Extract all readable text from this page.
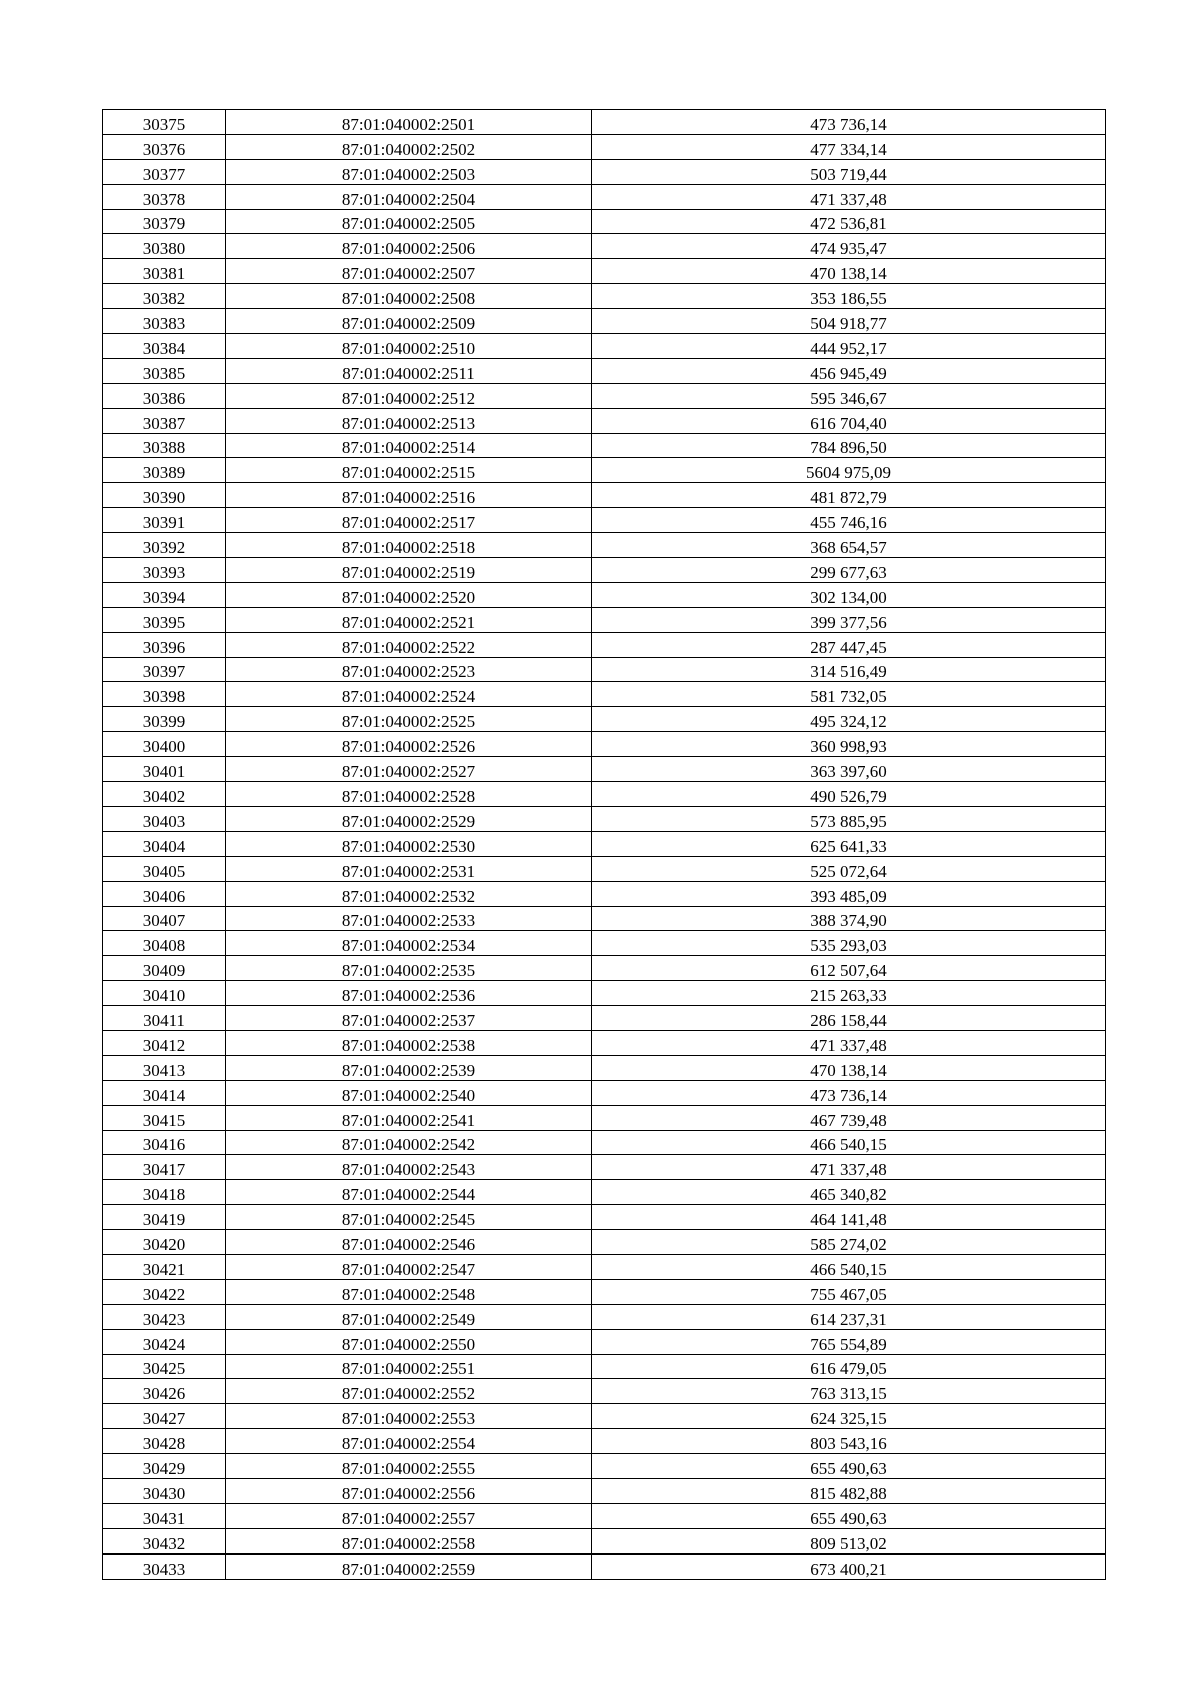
30375	87:01:040002:2501	473 736,14
30376	87:01:040002:2502	477 334,14
30377	87:01:040002:2503	503 719,44
30378	87:01:040002:2504	471 337,48
30379	87:01:040002:2505	472 536,81
30380	87:01:040002:2506	474 935,47
30381	87:01:040002:2507	470 138,14
30382	87:01:040002:2508	353 186,55
30383	87:01:040002:2509	504 918,77
30384	87:01:040002:2510	444 952,17
30385	87:01:040002:2511	456 945,49
30386	87:01:040002:2512	595 346,67
30387	87:01:040002:2513	616 704,40
30388	87:01:040002:2514	784 896,50
30389	87:01:040002:2515	5604 975,09
30390	87:01:040002:2516	481 872,79
30391	87:01:040002:2517	455 746,16
30392	87:01:040002:2518	368 654,57
30393	87:01:040002:2519	299 677,63
30394	87:01:040002:2520	302 134,00
30395	87:01:040002:2521	399 377,56
30396	87:01:040002:2522	287 447,45
30397	87:01:040002:2523	314 516,49
30398	87:01:040002:2524	581 732,05
30399	87:01:040002:2525	495 324,12
30400	87:01:040002:2526	360 998,93
30401	87:01:040002:2527	363 397,60
30402	87:01:040002:2528	490 526,79
30403	87:01:040002:2529	573 885,95
30404	87:01:040002:2530	625 641,33
30405	87:01:040002:2531	525 072,64
30406	87:01:040002:2532	393 485,09
30407	87:01:040002:2533	388 374,90
30408	87:01:040002:2534	535 293,03
30409	87:01:040002:2535	612 507,64
30410	87:01:040002:2536	215 263,33
30411	87:01:040002:2537	286 158,44
30412	87:01:040002:2538	471 337,48
30413	87:01:040002:2539	470 138,14
30414	87:01:040002:2540	473 736,14
30415	87:01:040002:2541	467 739,48
30416	87:01:040002:2542	466 540,15
30417	87:01:040002:2543	471 337,48
30418	87:01:040002:2544	465 340,82
30419	87:01:040002:2545	464 141,48
30420	87:01:040002:2546	585 274,02
30421	87:01:040002:2547	466 540,15
30422	87:01:040002:2548	755 467,05
30423	87:01:040002:2549	614 237,31
30424	87:01:040002:2550	765 554,89
30425	87:01:040002:2551	616 479,05
30426	87:01:040002:2552	763 313,15
30427	87:01:040002:2553	624 325,15
30428	87:01:040002:2554	803 543,16
30429	87:01:040002:2555	655 490,63
30430	87:01:040002:2556	815 482,88
30431	87:01:040002:2557	655 490,63
30432	87:01:040002:2558	809 513,02
30433	87:01:040002:2559	673 400,21
